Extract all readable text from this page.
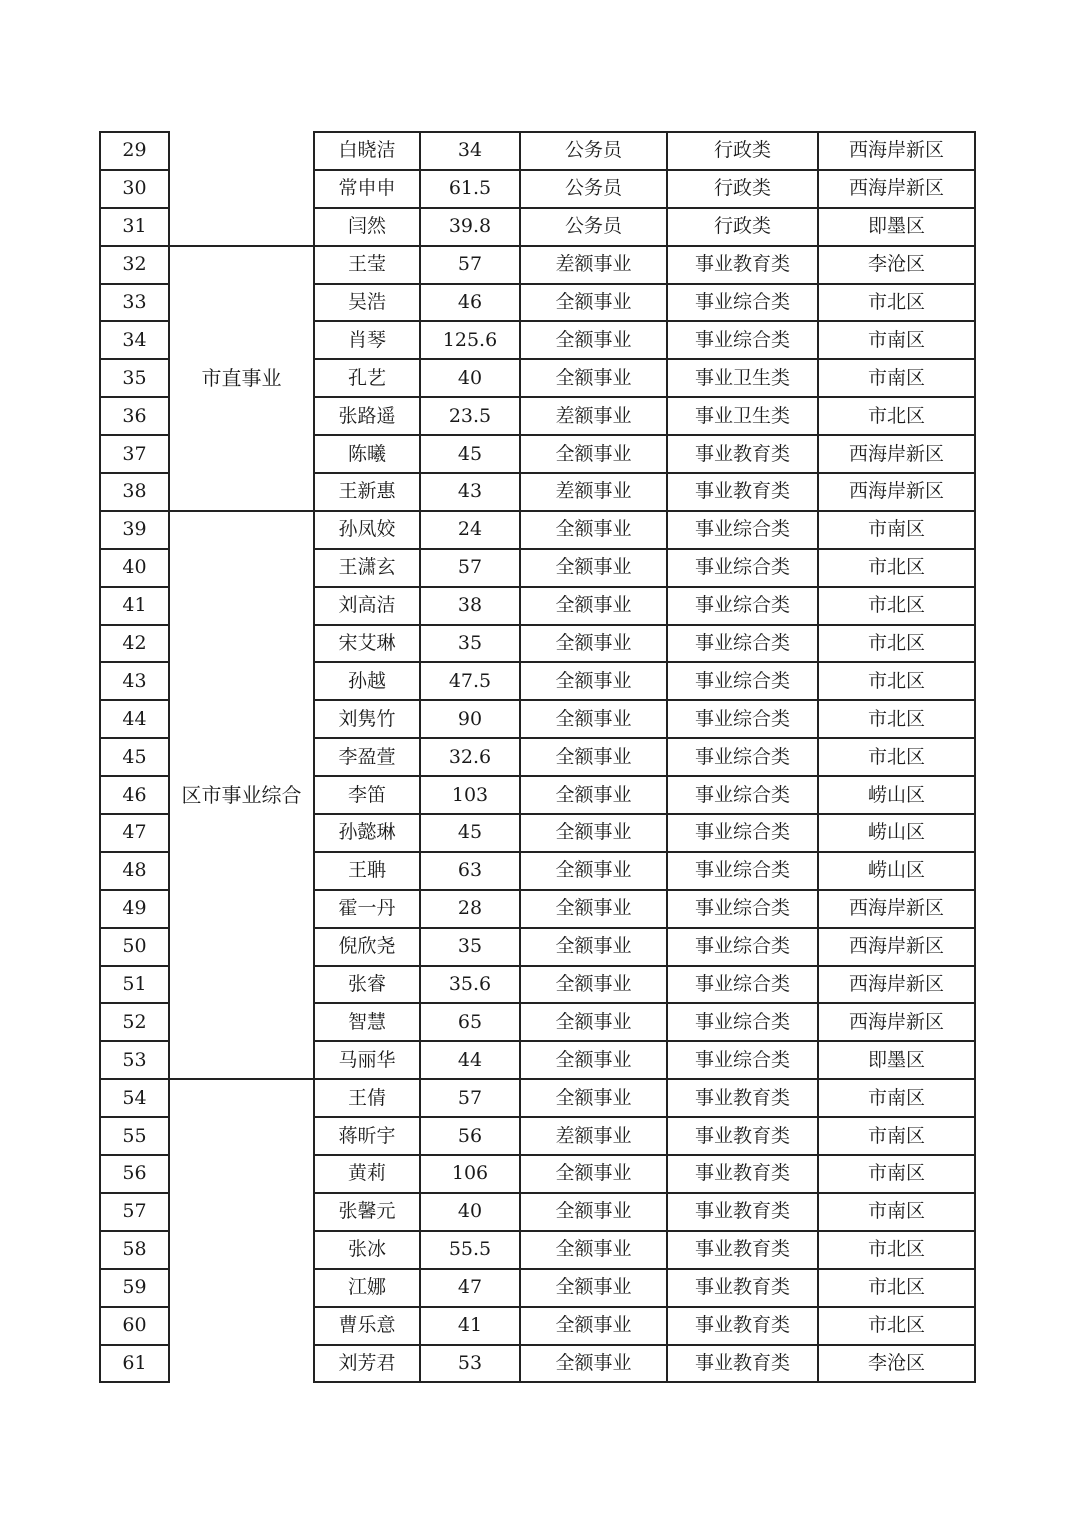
29		白晓洁	34	公务员	行政类	西海岸新区
30		常申申	61.5	公务员	行政类	西海岸新区
31		闫然	39.8	公务员	行政类	即墨区
32	市直事业	王莹	57	差额事业	事业教育类	李沧区
33		吴浩	46	全额事业	事业综合类	市北区
34		肖琴	125.6	全额事业	事业综合类	市南区
35		孔艺	40	全额事业	事业卫生类	市南区
36		张路遥	23.5	差额事业	事业卫生类	市北区
37		陈曦	45	全额事业	事业教育类	西海岸新区
38		王新惠	43	差额事业	事业教育类	西海岸新区
39	区市事业综合	孙凤姣	24	全额事业	事业综合类	市南区
40		王潇玄	57	全额事业	事业综合类	市北区
41		刘高洁	38	全额事业	事业综合类	市北区
42		宋艾琳	35	全额事业	事业综合类	市北区
43		孙越	47.5	全额事业	事业综合类	市北区
44		刘隽竹	90	全额事业	事业综合类	市北区
45		李盈萱	32.6	全额事业	事业综合类	市北区
46		李笛	103	全额事业	事业综合类	崂山区
47		孙懿琳	45	全额事业	事业综合类	崂山区
48		王聃	63	全额事业	事业综合类	崂山区
49		霍一丹	28	全额事业	事业综合类	西海岸新区
50		倪欣尧	35	全额事业	事业综合类	西海岸新区
51		张睿	35.6	全额事业	事业综合类	西海岸新区
52		智慧	65	全额事业	事业综合类	西海岸新区
53		马丽华	44	全额事业	事业综合类	即墨区
54		王倩	57	全额事业	事业教育类	市南区
55		蒋昕宇	56	差额事业	事业教育类	市南区
56		黄莉	106	全额事业	事业教育类	市南区
57		张馨元	40	全额事业	事业教育类	市南区
58		张冰	55.5	全额事业	事业教育类	市北区
59		江娜	47	全额事业	事业教育类	市北区
60		曹乐意	41	全额事业	事业教育类	市北区
61		刘芳君	53	全额事业	事业教育类	李沧区
